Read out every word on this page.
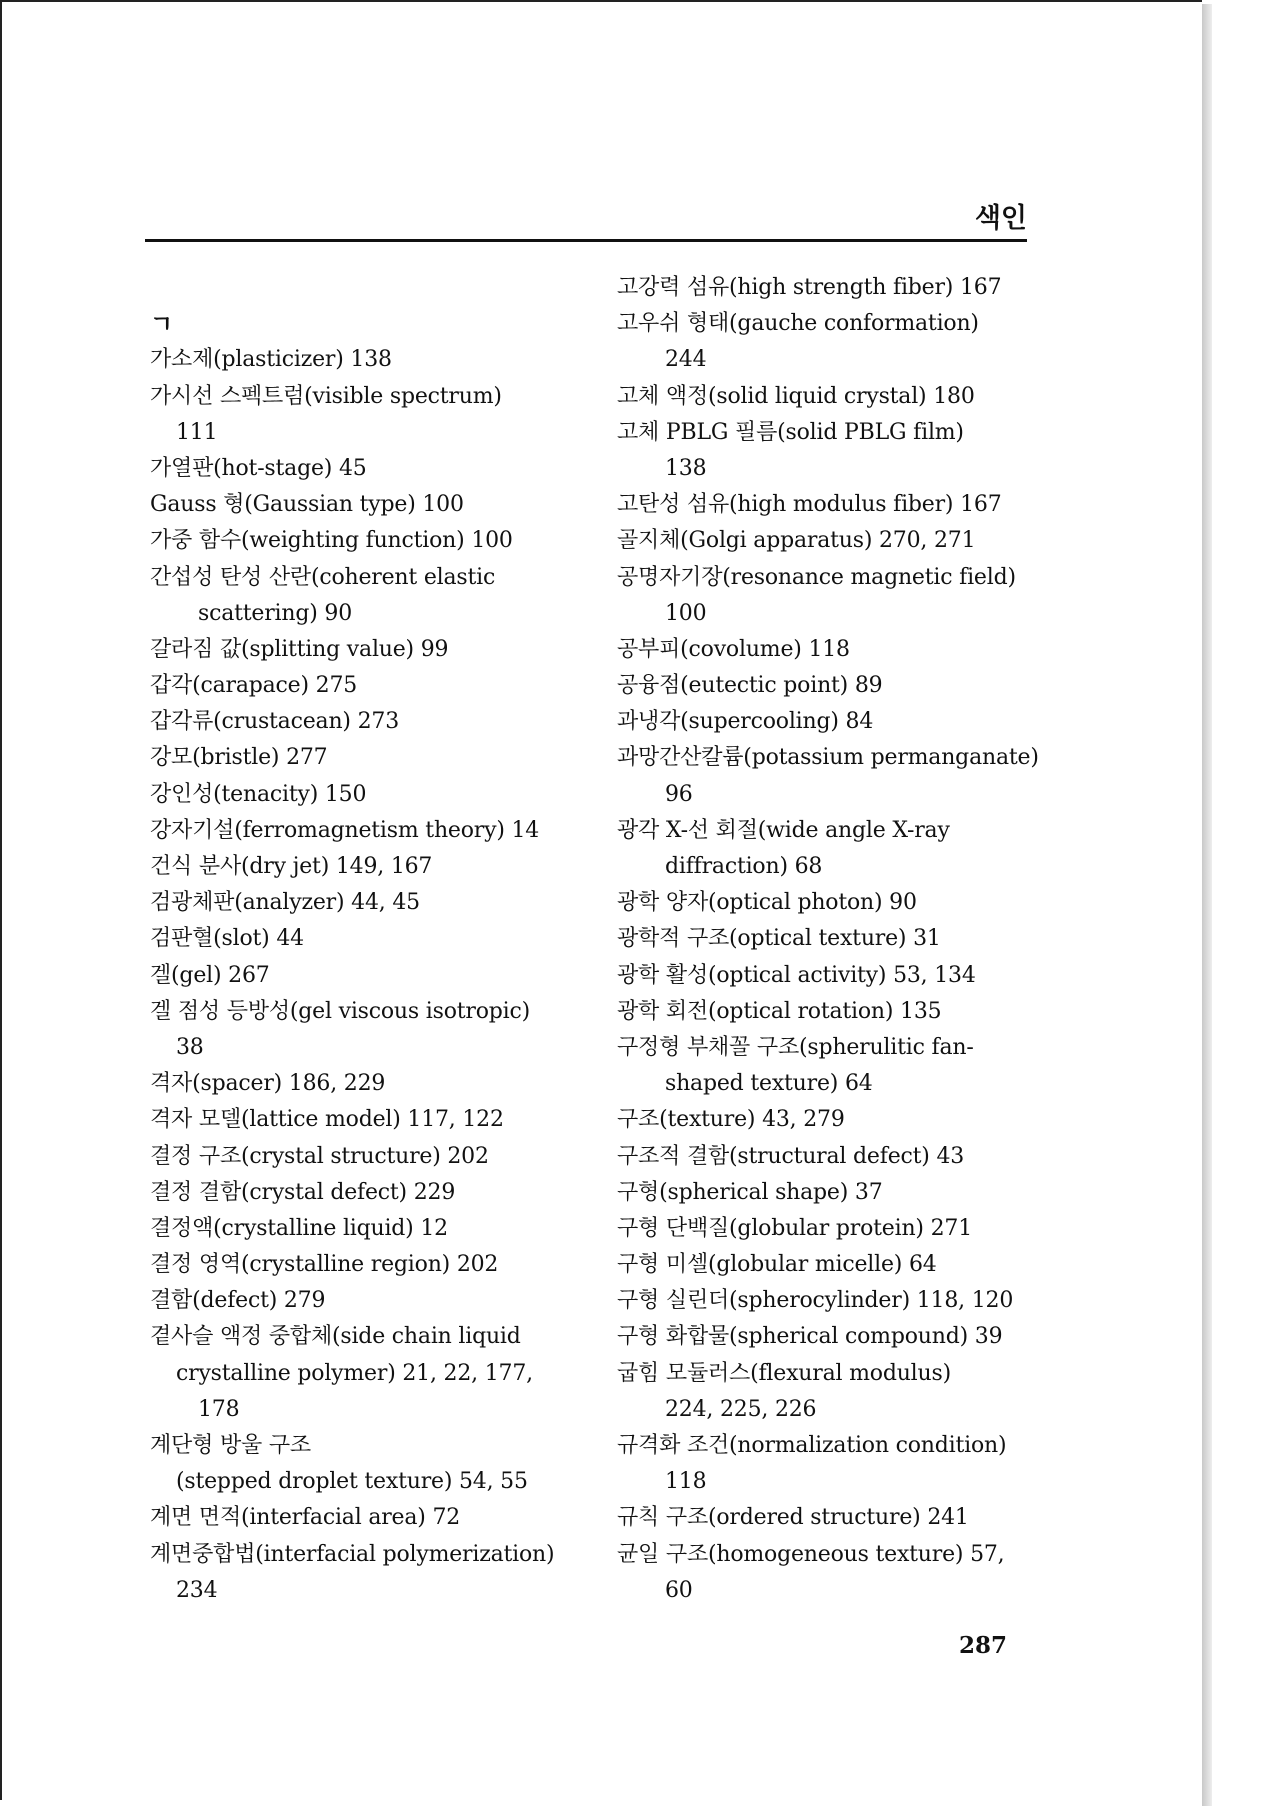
색인

ㄱ
가소제(plasticizer) 138
가시선 스펙트럼(visible spectrum)
111
가열판(hot-stage) 45
Gauss 형(Gaussian type) 100
가중 함수(weighting function) 100
간섭성 탄성 산란(coherent elastic
scattering) 90
갈라짐 값(splitting value) 99
갑각(carapace) 275
갑각류(crustacean) 273
강모(bristle) 277
강인성(tenacity) 150
강자기설(ferromagnetism theory) 14
건식 분사(dry jet) 149, 167
검광체판(analyzer) 44, 45
검판혈(slot) 44
겔(gel) 267
겔 점성 등방성(gel viscous isotropic)
38
격자(spacer) 186, 229
격자 모델(lattice model) 117, 122
결정 구조(crystal structure) 202
결정 결함(crystal defect) 229
결정액(crystalline liquid) 12
결정 영역(crystalline region) 202
결함(defect) 279
곁사슬 액정 중합체(side chain liquid
crystalline polymer) 21, 22, 177,
178
계단형 방울 구조
(stepped droplet texture) 54, 55
계면 면적(interfacial area) 72
계면중합법(interfacial polymerization)
234
고강력 섬유(high strength fiber) 167
고우쉬 형태(gauche conformation)
244
고체 액정(solid liquid crystal) 180
고체 PBLG 필름(solid PBLG film)
138
고탄성 섬유(high modulus fiber) 167
골지체(Golgi apparatus) 270, 271
공명자기장(resonance magnetic field)
100
공부피(covolume) 118
공융점(eutectic point) 89
과냉각(supercooling) 84
과망간산칼륨(potassium permanganate)
96
광각 X-선 회절(wide angle X-ray
diffraction) 68
광학 양자(optical photon) 90
광학적 구조(optical texture) 31
광학 활성(optical activity) 53, 134
광학 회전(optical rotation) 135
구정형 부채꼴 구조(spherulitic fan-
shaped texture) 64
구조(texture) 43, 279
구조적 결함(structural defect) 43
구형(spherical shape) 37
구형 단백질(globular protein) 271
구형 미셀(globular micelle) 64
구형 실린더(spherocylinder) 118, 120
구형 화합물(spherical compound) 39
굽힘 모듈러스(flexural modulus)
224, 225, 226
규격화 조건(normalization condition)
118
규칙 구조(ordered structure) 241
균일 구조(homogeneous texture) 57,
60
287
